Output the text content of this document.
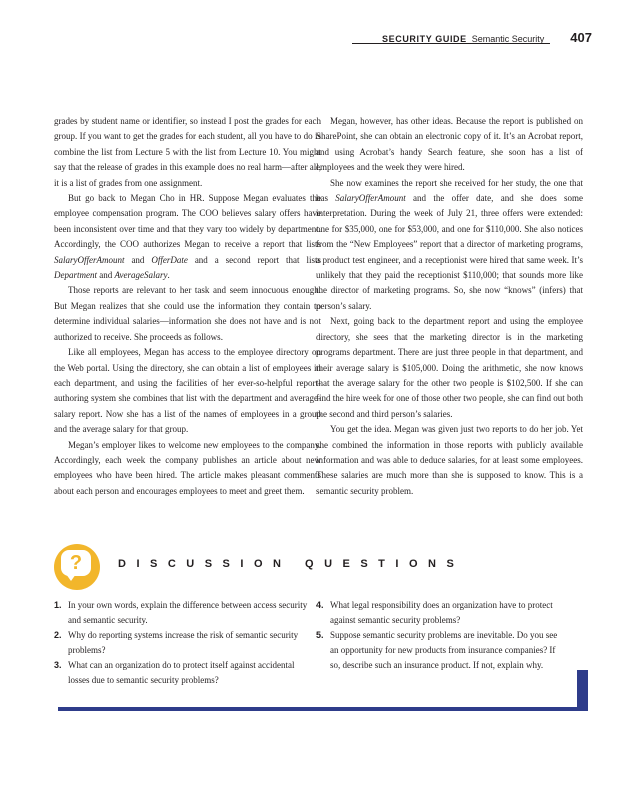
SECURITY GUIDE Semantic Security 407

grades by student name or identifier, so instead I post the grades for each group. If you want to get the grades for each student, all you have to do is combine the list from Lecture 5 with the list from Lecture 10. You might say that the release of grades in this example does no real harm—after all, it is a list of grades from one assignment.

But go back to Megan Cho in HR. Suppose Megan evaluates the employee compensation program. The COO believes salary offers have been inconsistent over time and that they vary too widely by department. Accordingly, the COO authorizes Megan to receive a report that lists SalaryOfferAmount and OfferDate and a second report that lists Department and AverageSalary.

Those reports are relevant to her task and seem innocuous enough. But Megan realizes that she could use the information they contain to determine individual salaries—information she does not have and is not authorized to receive. She proceeds as follows.

Like all employees, Megan has access to the employee directory on the Web portal. Using the directory, she can obtain a list of employees in each department, and using the facilities of her ever-so-helpful report-authoring system she combines that list with the department and average-salary report. Now she has a list of the names of employees in a group and the average salary for that group.

Megan’s employer likes to welcome new employees to the company. Accordingly, each week the company publishes an article about new employees who have been hired. The article makes pleasant comments about each person and encourages employees to meet and greet them.

Megan, however, has other ideas. Because the report is published on SharePoint, she can obtain an electronic copy of it. It’s an Acrobat report, and using Acrobat’s handy Search feature, she soon has a list of employees and the week they were hired.

She now examines the report she received for her study, the one that has SalaryOfferAmount and the offer date, and she does some interpretation. During the week of July 21, three offers were extended: one for $35,000, one for $53,000, and one for $110,000. She also notices from the “New Employees” report that a director of marketing programs, a product test engineer, and a receptionist were hired that same week. It’s unlikely that they paid the receptionist $110,000; that sounds more like the director of marketing programs. So, she now “knows” (infers) that person’s salary.

Next, going back to the department report and using the employee directory, she sees that the marketing director is in the marketing programs department. There are just three people in that department, and their average salary is $105,000. Doing the arithmetic, she now knows that the average salary for the other two people is $102,500. If she can find the hire week for one of those other two people, she can find out both the second and third person’s salaries.

You get the idea. Megan was given just two reports to do her job. Yet she combined the information in those reports with publicly available information and was able to deduce salaries, for at least some employees. These salaries are much more than she is supposed to know. This is a semantic security problem.

?	DISCUSSION QUESTIONS
1. In your own words, explain the difference between access security and semantic security.
2. Why do reporting systems increase the risk of semantic security problems?
3. What can an organization do to protect itself against accidental losses due to semantic security problems?
4. What legal responsibility does an organization have to protect against semantic security problems?
5. Suppose semantic security problems are inevitable. Do you see an opportunity for new products from insurance companies? If so, describe such an insurance product. If not, explain why.
